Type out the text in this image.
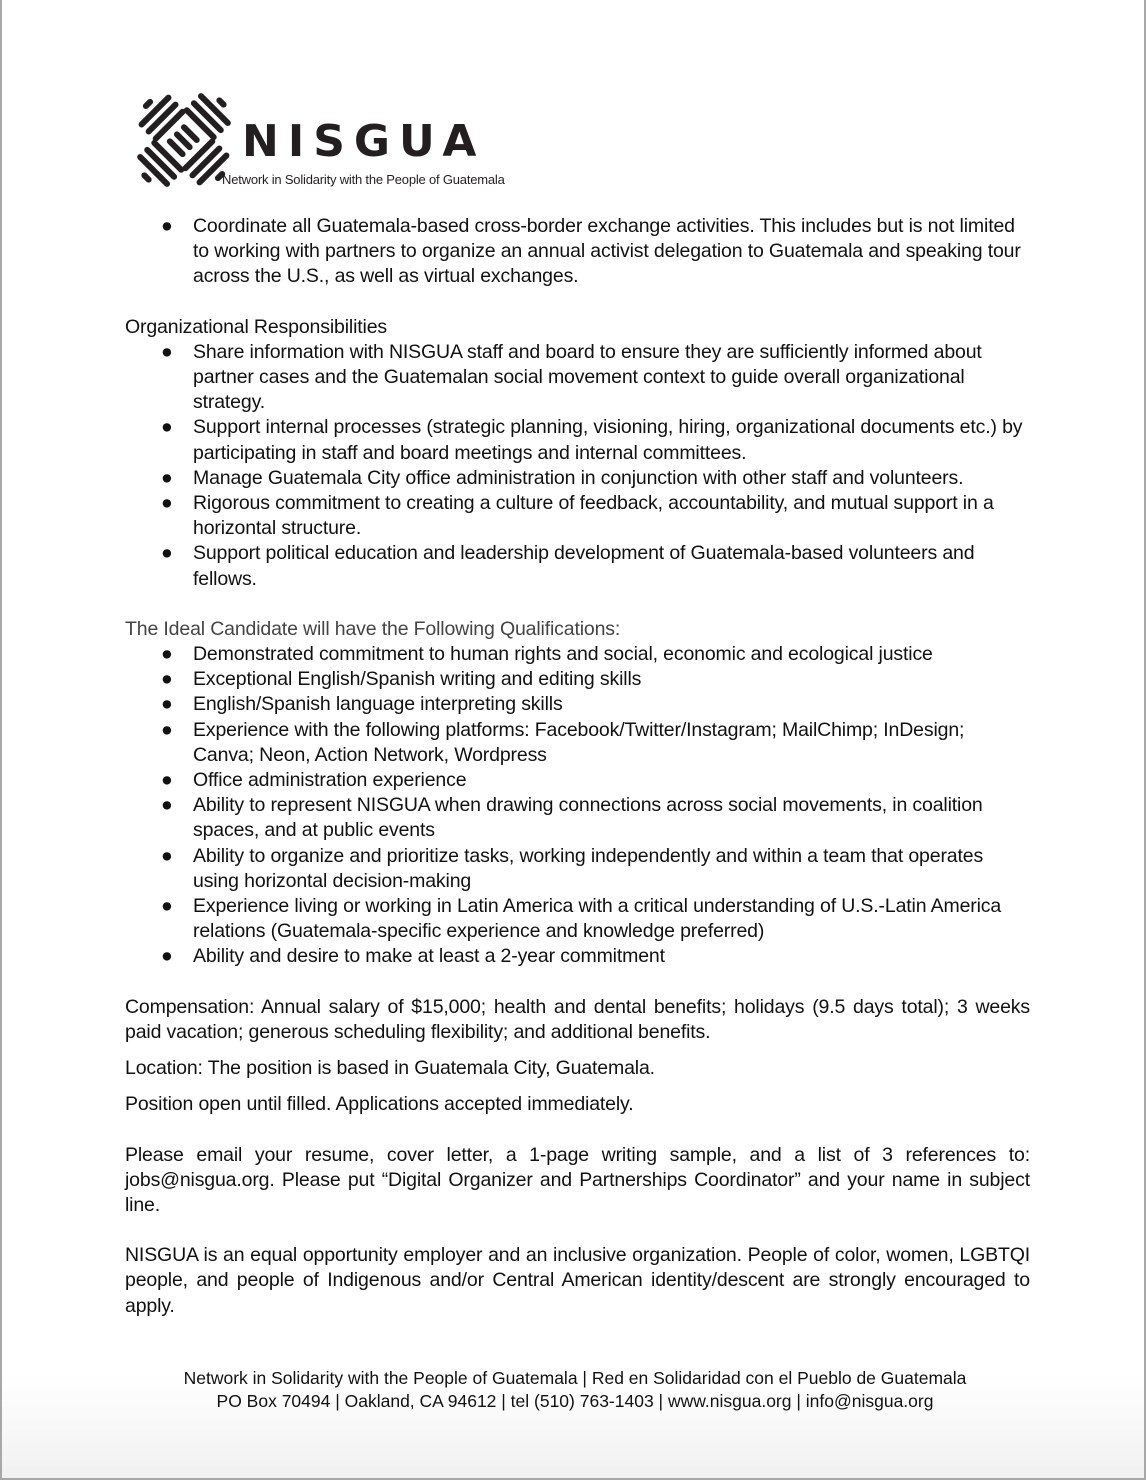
NISGUA
Network in Solidarity with the People of Guatemala
● Coordinate all Guatemala-based cross-border exchange activities. This includes but is not limited to working with partners to organize an annual activist delegation to Guatemala and speaking tour across the U.S., as well as virtual exchanges.
Organizational Responsibilities
● Share information with NISGUA staff and board to ensure they are sufficiently informed about partner cases and the Guatemalan social movement context to guide overall organizational strategy.
● Support internal processes (strategic planning, visioning, hiring, organizational documents etc.) by participating in staff and board meetings and internal committees.
● Manage Guatemala City office administration in conjunction with other staff and volunteers.
● Rigorous commitment to creating a culture of feedback, accountability, and mutual support in a horizontal structure.
● Support political education and leadership development of Guatemala-based volunteers and fellows.
The Ideal Candidate will have the Following Qualifications:
● Demonstrated commitment to human rights and social, economic and ecological justice
● Exceptional English/Spanish writing and editing skills
● English/Spanish language interpreting skills
● Experience with the following platforms: Facebook/Twitter/Instagram; MailChimp; InDesign; Canva; Neon, Action Network, Wordpress
● Office administration experience
● Ability to represent NISGUA when drawing connections across social movements, in coalition spaces, and at public events
● Ability to organize and prioritize tasks, working independently and within a team that operates using horizontal decision-making
● Experience living or working in Latin America with a critical understanding of U.S.-Latin America relations (Guatemala-specific experience and knowledge preferred)
● Ability and desire to make at least a 2-year commitment

Compensation: Annual salary of $15,000; health and dental benefits; holidays (9.5 days total); 3 weeks paid vacation; generous scheduling flexibility; and additional benefits.

Location: The position is based in Guatemala City, Guatemala.

Position open until filled. Applications accepted immediately.

Please email your resume, cover letter, a 1-page writing sample, and a list of 3 references to: jobs@nisgua.org. Please put “Digital Organizer and Partnerships Coordinator” and your name in subject line.

NISGUA is an equal opportunity employer and an inclusive organization. People of color, women, LGBTQI people, and people of Indigenous and/or Central American identity/descent are strongly encouraged to apply.

Network in Solidarity with the People of Guatemala | Red en Solidaridad con el Pueblo de Guatemala
PO Box 70494 | Oakland, CA 94612 | tel (510) 763-1403 | www.nisgua.org | info@nisgua.org
